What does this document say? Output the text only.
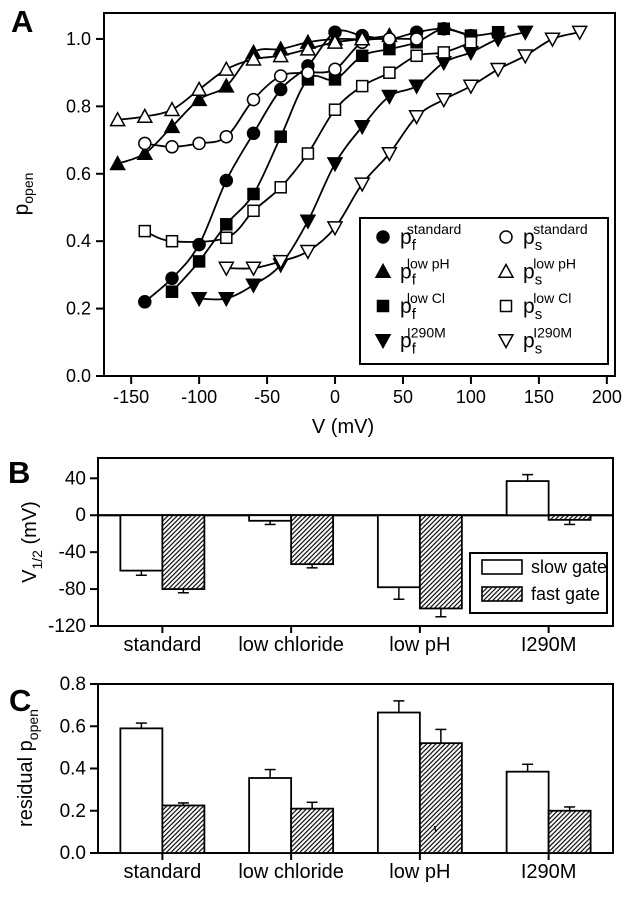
A
B
C
-150 -100 -50	0	50 100 150 200
0.0
0.2
0.4
0.6
0.8
1.0
V (mV)
$p_{open}$
$p_fstandard$	$p_sstandard$
$p_flow$ pH	$p_slow$ pH
$p_flow$ Cl	$p_slow$ Cl
$p_fI290M$	$p_sI290M$
40
0
-40
-80
-120
standard low chloride low pH	I290M
$V_{1/2}$ (mV)
slow gate
fast gate
0.0
0.2
0.4
0.6
0.8
standard low chloride low pH	I290M
residual $p_{open}$
